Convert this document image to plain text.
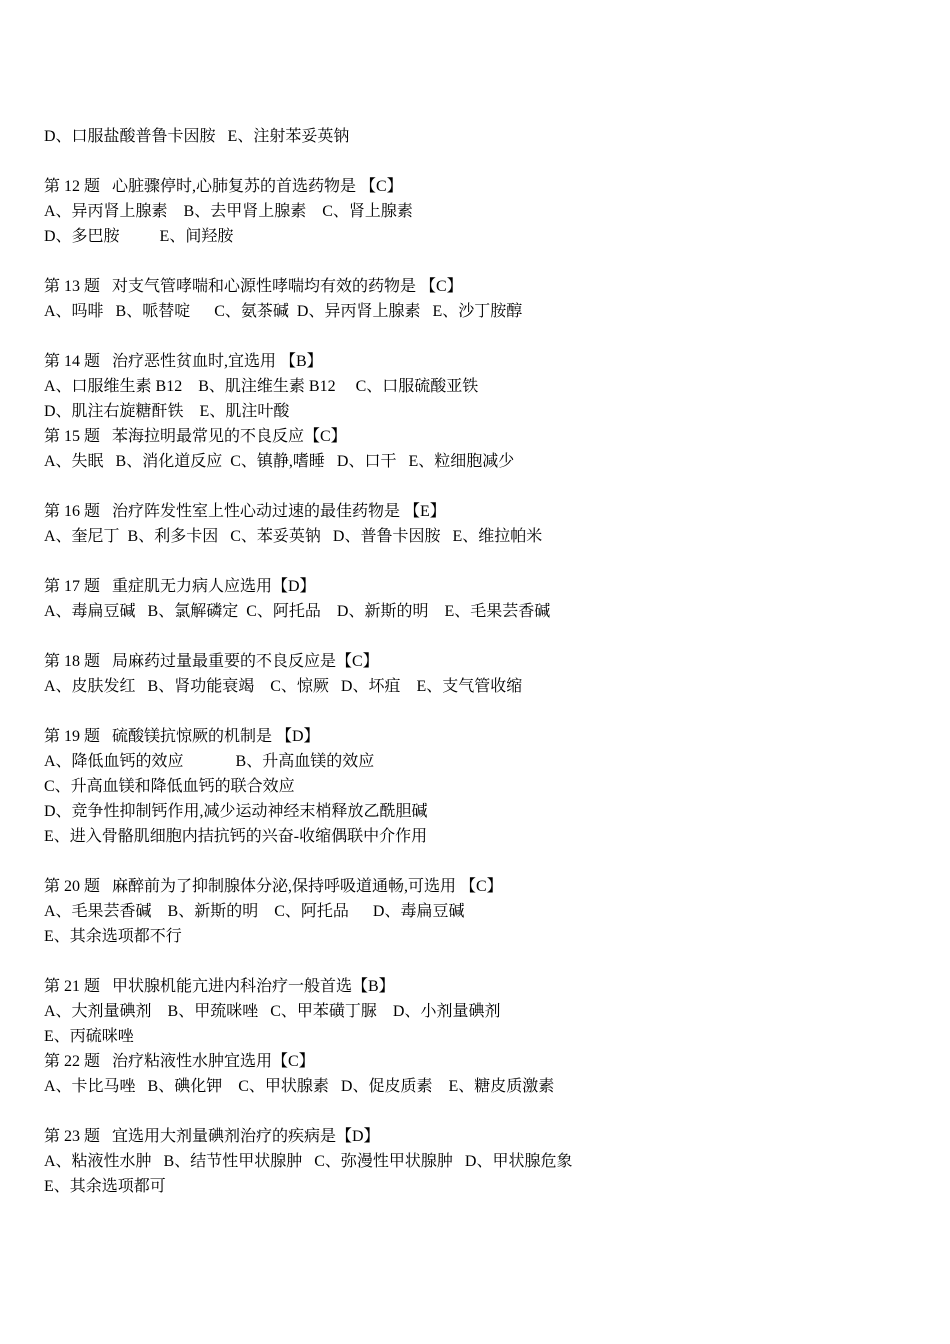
D、口服盐酸普鲁卡因胺   E、注射苯妥英钠

第 12 题   心脏骤停时,心肺复苏的首选药物是 【C】

A、异丙肾上腺素    B、去甲肾上腺素    C、肾上腺素

D、多巴胺          E、间羟胺

第 13 题   对支气管哮喘和心源性哮喘均有效的药物是 【C】

A、吗啡   B、哌替啶      C、氨茶碱  D、异丙肾上腺素   E、沙丁胺醇

第 14 题   治疗恶性贫血时,宜选用 【B】

A、口服维生素 B12    B、肌注维生素 B12     C、口服硫酸亚铁

D、肌注右旋糖酐铁    E、肌注叶酸

第 15 题   苯海拉明最常见的不良反应【C】

A、失眠   B、消化道反应  C、镇静,嗜睡   D、口干   E、粒细胞减少

第 16 题   治疗阵发性室上性心动过速的最佳药物是 【E】

A、奎尼丁  B、利多卡因   C、苯妥英钠   D、普鲁卡因胺   E、维拉帕米

第 17 题   重症肌无力病人应选用【D】

A、毒扁豆碱   B、氯解磷定  C、阿托品    D、新斯的明    E、毛果芸香碱

第 18 题   局麻药过量最重要的不良反应是【C】

A、皮肤发红   B、肾功能衰竭    C、惊厥   D、坏疽    E、支气管收缩

第 19 题   硫酸镁抗惊厥的机制是 【D】

A、降低血钙的效应             B、升高血镁的效应

C、升高血镁和降低血钙的联合效应

D、竞争性抑制钙作用,减少运动神经末梢释放乙酰胆碱

E、进入骨骼肌细胞内拮抗钙的兴奋-收缩偶联中介作用

第 20 题   麻醉前为了抑制腺体分泌,保持呼吸道通畅,可选用 【C】

A、毛果芸香碱    B、新斯的明    C、阿托品      D、毒扁豆碱

E、其余选项都不行

第 21 题   甲状腺机能亢进内科治疗一般首选【B】

A、大剂量碘剂    B、甲巯咪唑   C、甲苯磺丁脲    D、小剂量碘剂

E、丙硫咪唑

第 22 题   治疗粘液性水肿宜选用【C】

A、卡比马唑   B、碘化钾    C、甲状腺素   D、促皮质素    E、糖皮质激素

第 23 题   宜选用大剂量碘剂治疗的疾病是【D】

A、粘液性水肿   B、结节性甲状腺肿   C、弥漫性甲状腺肿   D、甲状腺危象

E、其余选项都可
